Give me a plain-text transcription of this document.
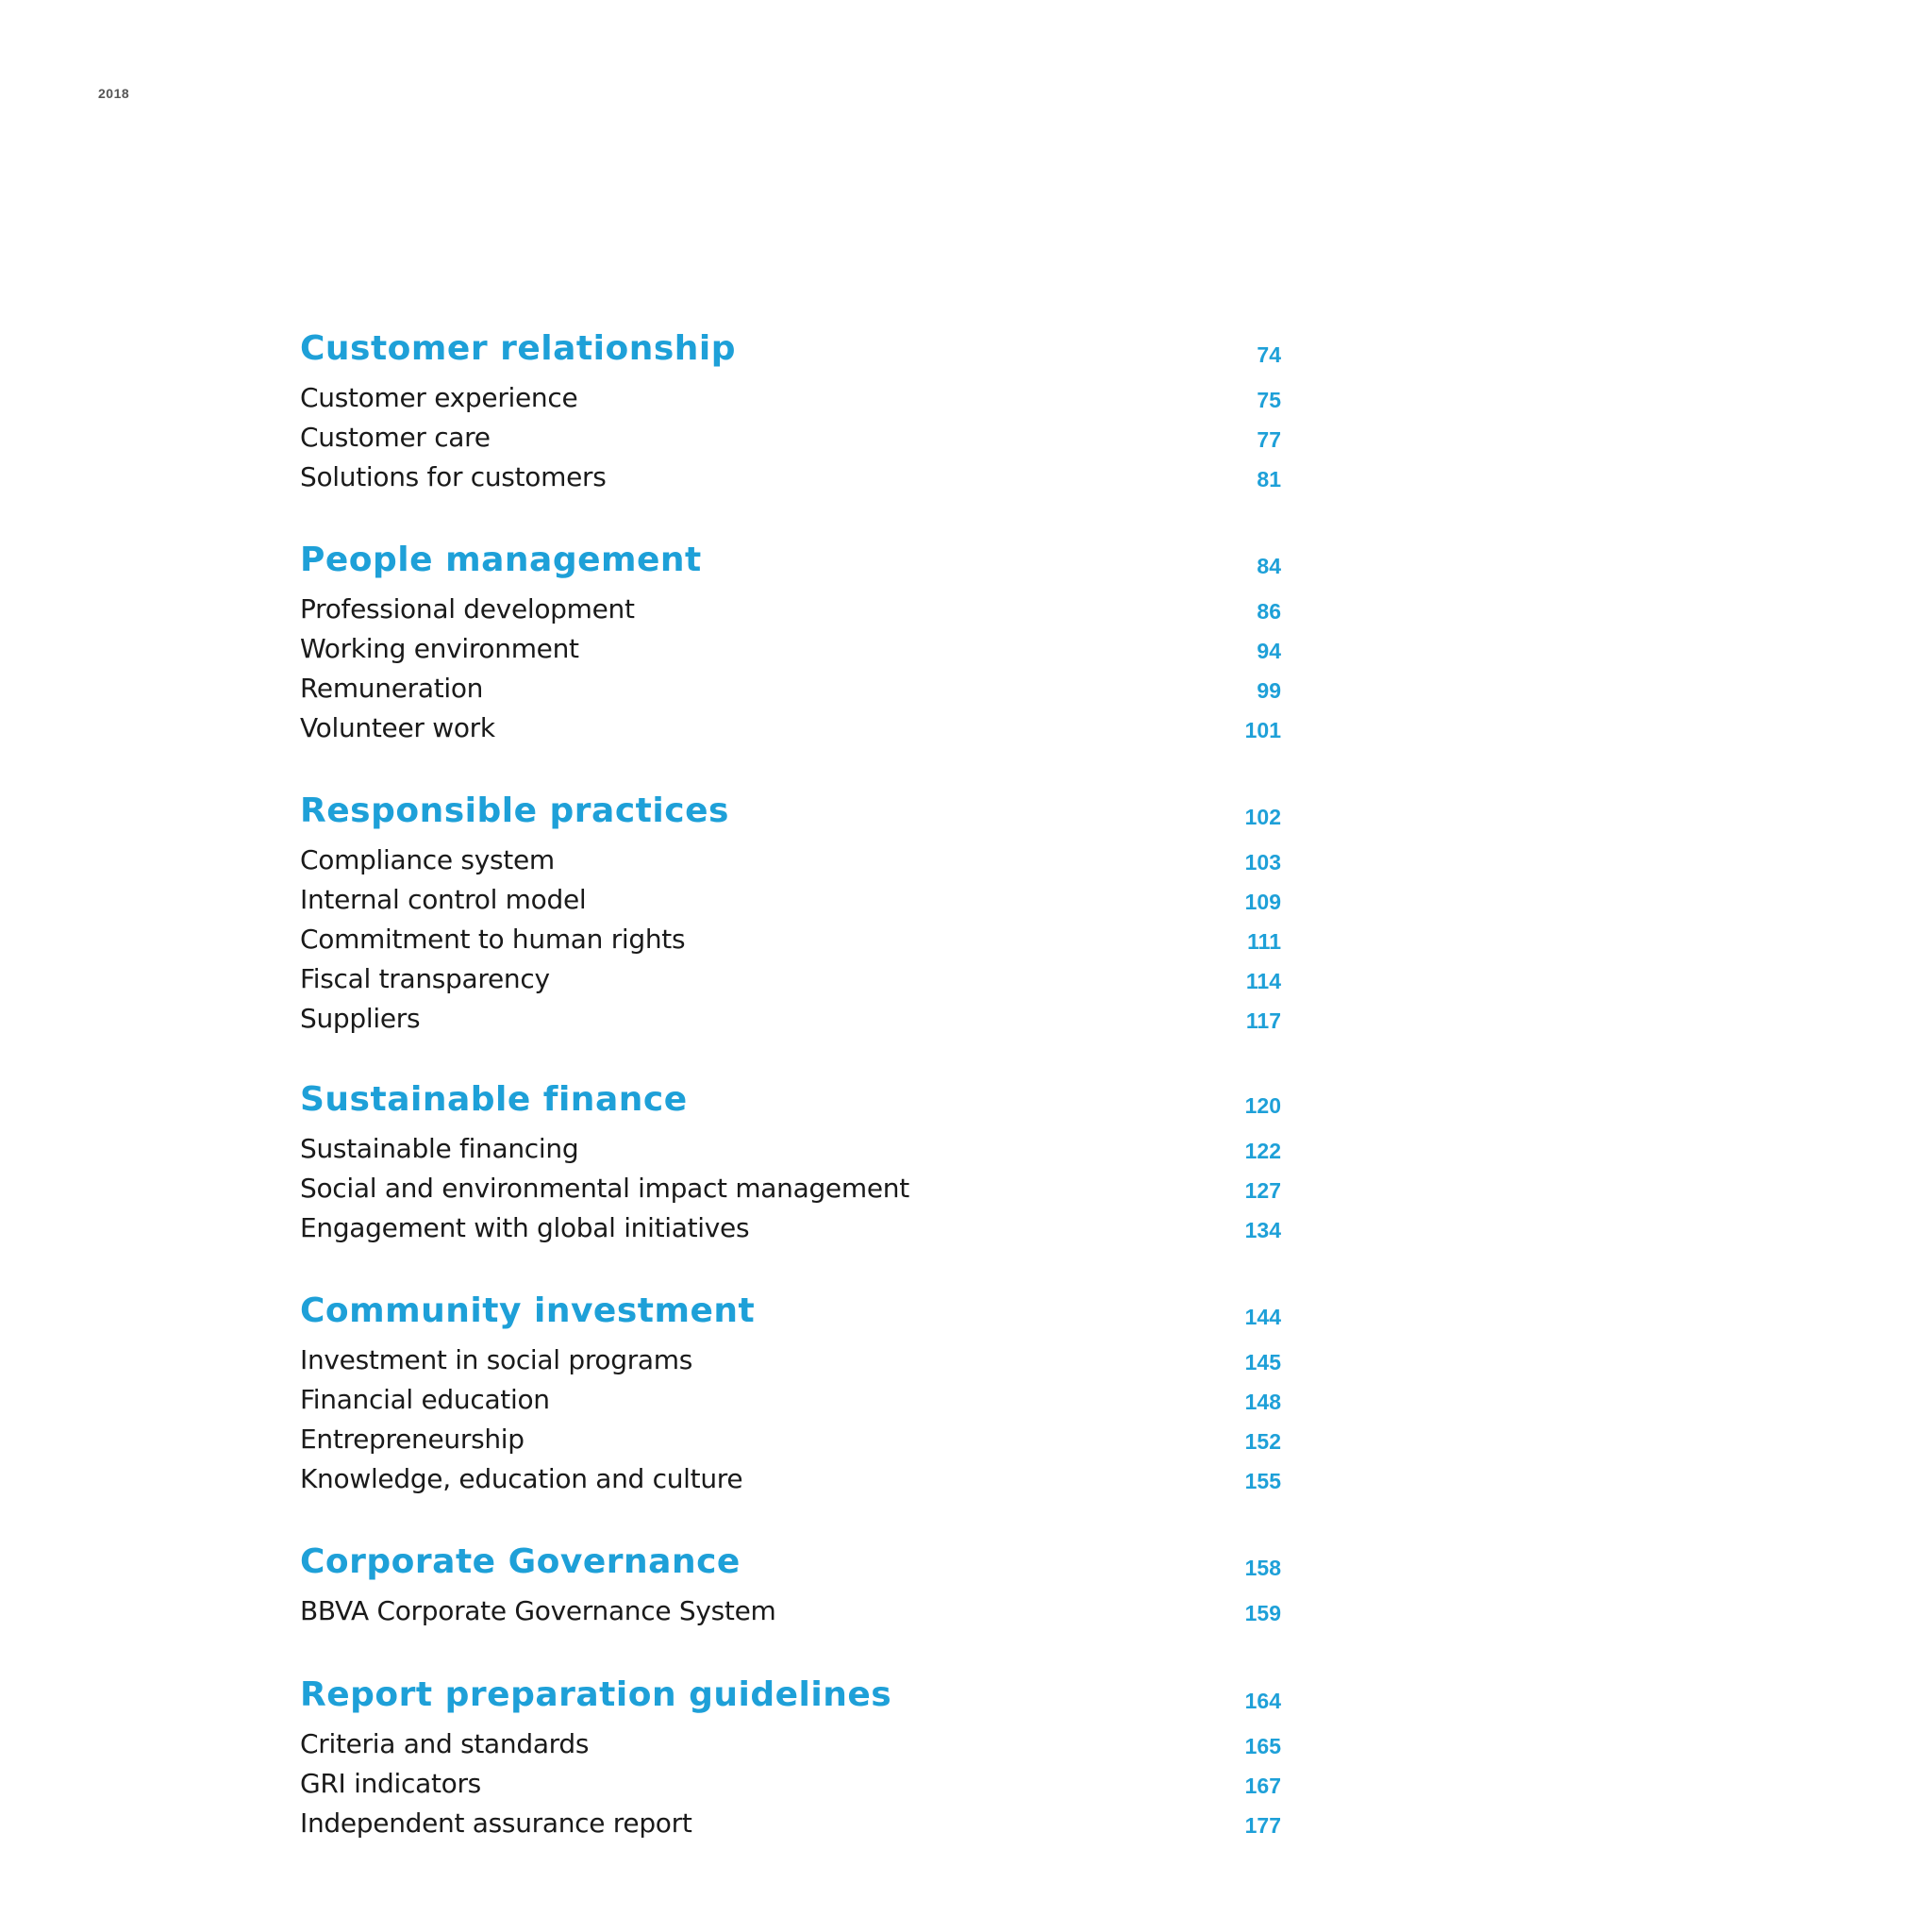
2018
Customer relationship	74
Customer experience	75
Customer care	77
Solutions for customers	81
People management	84
Professional development	86
Working environment	94
Remuneration	99
Volunteer work	101
Responsible practices	102
Compliance system	103
Internal control model	109
Commitment to human rights	111
Fiscal transparency	114
Suppliers	117
Sustainable finance	120
Sustainable financing	122
Social and environmental impact management	127
Engagement with global initiatives	134
Community investment	144
Investment in social programs	145
Financial education	148
Entrepreneurship	152
Knowledge, education and culture	155
Corporate Governance	158
BBVA Corporate Governance System	159
Report preparation guidelines	164
Criteria and standards	165
GRI indicators	167
Independent assurance report	177
